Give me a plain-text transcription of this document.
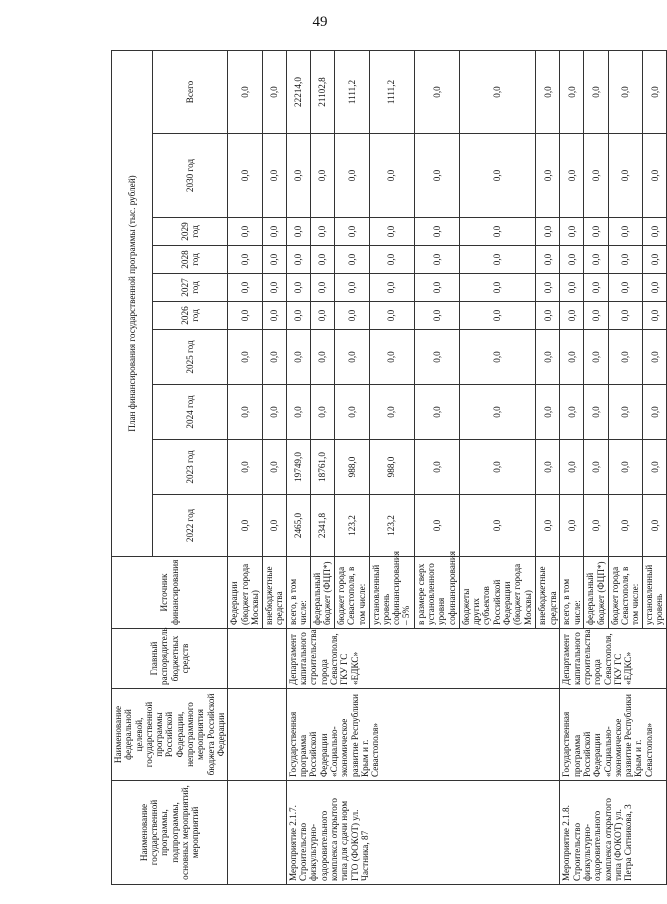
49
Наименование государственной программы, подпрограммы, основных мероприятий, мероприятий	Наименование федеральной целевой, государственной программы Российской Федерации, непрограммного мероприятия бюджета Российской Федерации	Главный распорядитель бюджетных средств	Источник финансирования	План финансирования государственной программы (тыс. рублей)									
				2022 год	2023 год	2024 год	2025 год	2026 год	2027 год	2028 год	2029 год	2030 год	Всего
			Федерации (бюджет города Москвы)	0,0	0,0	0,0	0,0	0,0	0,0	0,0	0,0	0,0	0,0
			внебюджетные средства	0,0	0,0	0,0	0,0	0,0	0,0	0,0	0,0	0,0	0,0
Мероприятие 2.1.7. Строительство физкультурно-оздоровительного комплекса открытого типа для сдачи норм ГТО (ФОКОТ) ул. Частника, 87	Государственная программа Российской Федерации «Социально-экономическое развитие Республики Крым и г. Севастополя»	Департамент капитального строительства города Севастополя, ГКУ ГС «ЕДКС»	всего, в том числе:	2465,0	19749,0	0,0	0,0	0,0	0,0	0,0	0,0	0,0	22214,0
			федеральный бюджет (ФЦП*)	2341,8	18761,0	0,0	0,0	0,0	0,0	0,0	0,0	0,0	21102,8
			бюджет города Севастополя, в том числе:	123,2	988,0	0,0	0,0	0,0	0,0	0,0	0,0	0,0	1111,2
			установленный уровень софинансирования – 5%	123,2	988,0	0,0	0,0	0,0	0,0	0,0	0,0	0,0	1111,2
			в размере сверх установленного уровня софинансирования	0,0	0,0	0,0	0,0	0,0	0,0	0,0	0,0	0,0	0,0
			бюджеты других субъектов Российской Федерации (бюджет города Москвы)	0,0	0,0	0,0	0,0	0,0	0,0	0,0	0,0	0,0	0,0
			внебюджетные средства	0,0	0,0	0,0	0,0	0,0	0,0	0,0	0,0	0,0	0,0
Мероприятие 2.1.8. Строительство физкультурно-оздоровительного комплекса открытого типа (ФОКОТ) ул. Петра Ситникова, 3	Государственная программа Российской Федерации «Социально-экономическое развитие Республики Крым и г. Севастополя»	Департамент капитального строительства города Севастополя, ГКУ ГС «ЕДКС»	всего, в том числе:	0,0	0,0	0,0	0,0	0,0	0,0	0,0	0,0	0,0	0,0
			федеральный бюджет (ФЦП*)	0,0	0,0	0,0	0,0	0,0	0,0	0,0	0,0	0,0	0,0
			бюджет города Севастополя, в том числе:	0,0	0,0	0,0	0,0	0,0	0,0	0,0	0,0	0,0	0,0
			установленный уровень	0,0	0,0	0,0	0,0	0,0	0,0	0,0	0,0	0,0	0,0
